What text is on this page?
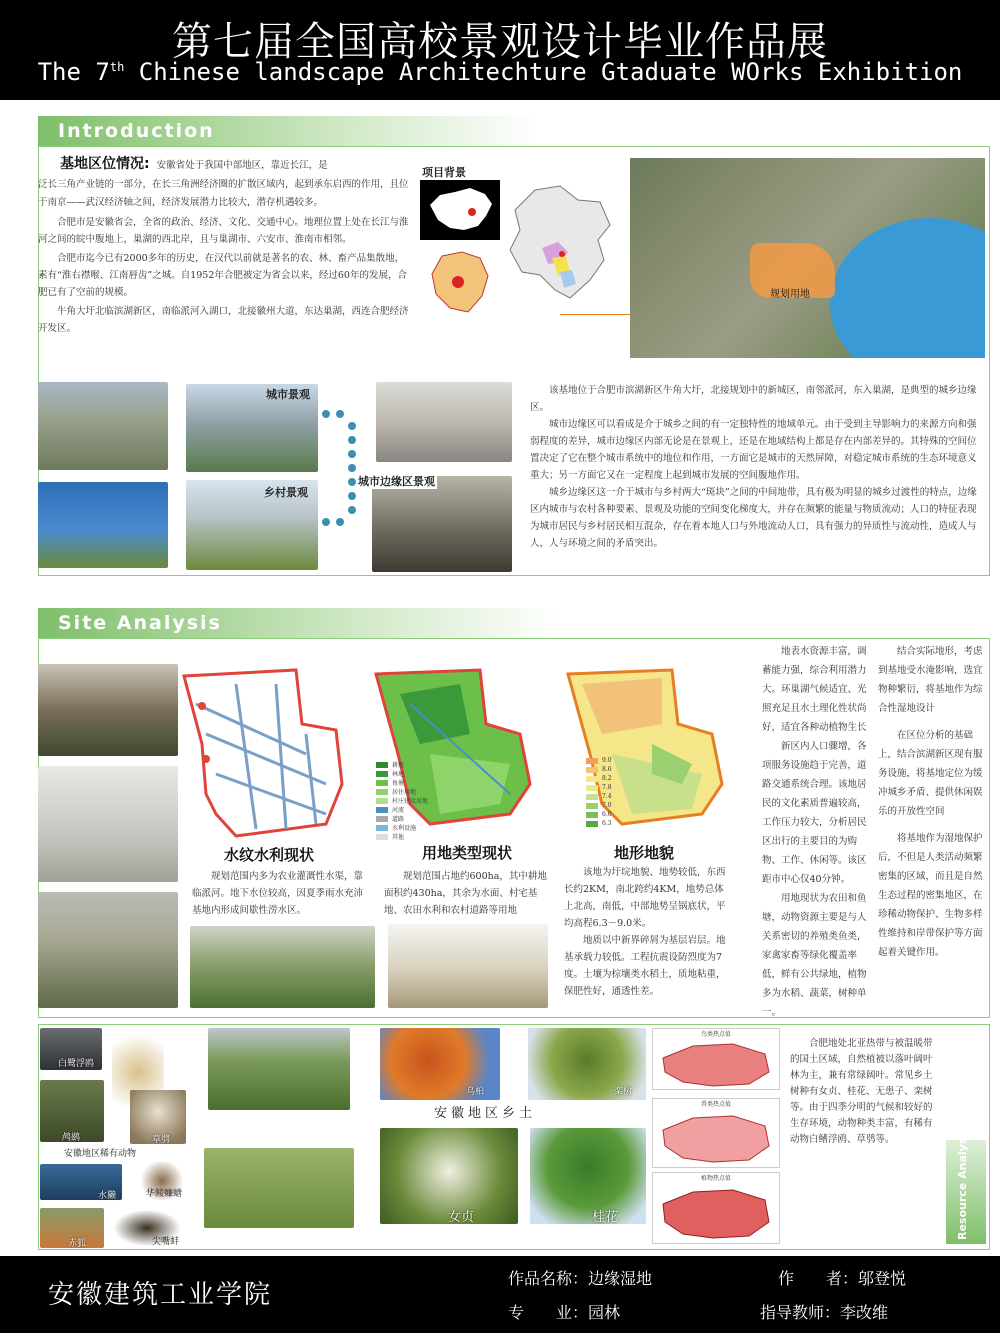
第七届全国高校景观设计毕业作品展
The 7th Chinese landscape Architechture Gtaduate WOrks Exhibition
Introduction
基地区位情况: 安徽省处于我国中部地区，靠近长江，是

泛长三角产业链的一部分，在长三角洲经济圈的扩散区域内，起到承东启西的作用，且位于南京——武汉经济轴之间，经济发展潜力比较大，潜存机遇较多。

合肥市是安徽省会，全省的政治、经济、文化、交通中心。地理位置上处在长江与淮河之间的皖中腹地上，巢湖的西北岸，且与巢湖市、六安市、淮南市相邻。

合肥市迄今已有2000多年的历史，在汉代以前就是著名的农、林、畜产品集散地，素有“淮右襟喉、江南唇齿”之城。自1952年合肥被定为省会以来，经过60年的发展，合肥已有了空前的规模。

牛角大圩北临滨湖新区，南临派河入湖口，北接徽州大道，东达巢湖，西连合肥经济开发区。

项目背景
规划用地
城市景观
乡村景观
城市边缘区景观

该基地位于合肥市滨湖新区牛角大圩，北接规划中的新城区，南邻派河，东入巢湖，是典型的城乡边缘区。

城市边缘区可以看成是介于城乡之间的有一定独特性的地域单元。由于受到主导影响力的来源方向和强弱程度的差异，城市边缘区内部无论是在景观上，还是在地域结构上都是存在内部差异的。其特殊的空间位置决定了它在整个城市系统中的地位和作用，一方面它是城市的天然屏障，对稳定城市系统的生态环境意义重大；另一方面它又在一定程度上起到城市发展的空间腹地作用。

城乡边缘区这一介于城市与乡村两大“斑块”之间的中间地带，具有极为明显的城乡过渡性的特点，边缘区内城市与农村各种要素、景观及功能的空间变化梯度大，并存在频繁的能量与物质流动；人口的特征表现为城市居民与乡村居民相互混杂，存在着本地人口与外地流动人口，具有强力的异质性与流动性，造成人与人，人与环境之间的矛盾突出。

Site Analysis
耕地
林地
鱼塘
居住用地
村庄建设用地
河流
道路
水利设施
其他
9.0
8.6
8.2
7.8
7.4
7.0
6.6
6.3
水纹水利现状	用地类型现状	地形地貌
规划范围内多为农业灌溉性水渠，靠临派河。地下水位较高，因夏季雨水充沛基地内形成间歇性涝水区。
规划范围占地约600ha，其中耕地面积约430ha，其余为水面、村宅基地、农田水利和农村道路等用地

该地为圩垸地貌、地势较低，东西长约2KM，南北跨约4KM，地势总体上北高，南低，中部地势呈锅底状，平均高程6.3－9.0米。

地质以中新界碎屑为基层岩层。地基承载力较低。工程抗震设防烈度为7度。土壤为棕壤类水稻土，质地粘重，保肥性好，通透性差。

地表水资源丰富，调蓄能力强，综合利用潜力大。环巢湖气候适宜、光照充足且水土理化性状尚好，适宜各种动植物生长

新区内人口骤增，各项服务设施趋于完善，道路交通系统合理。该地居民的文化素质普遍较高，工作压力较大，分析居民区出行的主要目的为购物、工作、休闲等。该区距市中心仅40分钟。

用地现状为农田和鱼塘，动物资源主要是与人关系密切的养殖类鱼类，家禽家畜等绿化覆盖率低，鲜有公共绿地，植物多为水稻、蔬菜，树种单一。

结合实际地形，考虑到基地受水淹影响，选宜物种繁衍，将基地作为综合性湿地设计

在区位分析的基础上，结合滨湖新区现有服务设施，将基地定位为缓冲城乡矛盾、提供休闲娱乐的开放性空间

将基地作为湿地保护后，不但是人类活动频繁密集的区域，而且是自然生态过程的密集地区，在珍稀动物保护、生物多样性维持和岸带保护等方面起着关键作用。

白鹭浮鸥
鸬鹚	草鸮
安徽地区稀有动物
水獭	华鲮蠊螗
赤狐	尖嘴蚌
乌桕	栾树
安徽地区乡土
女贞	桂花
鸟类热点值
兽类热点值
植物热点值
合肥地处北亚热带与被温暖带的国土区域，自然植被以落叶阔叶林为主，兼有常绿阔叶。常见乡土树种有女贞、桂花、无患子、栾树等。由于四季分明的气候和较好的生存环境，动物种类丰富，有稀有动物白鳍浮鸥、草鸮等。	Resource Analysisrc
安徽建筑工业学院
作品名称：边缘湿地	作　　者：邬登悦
专　　业：园林	指导教师：李改维
